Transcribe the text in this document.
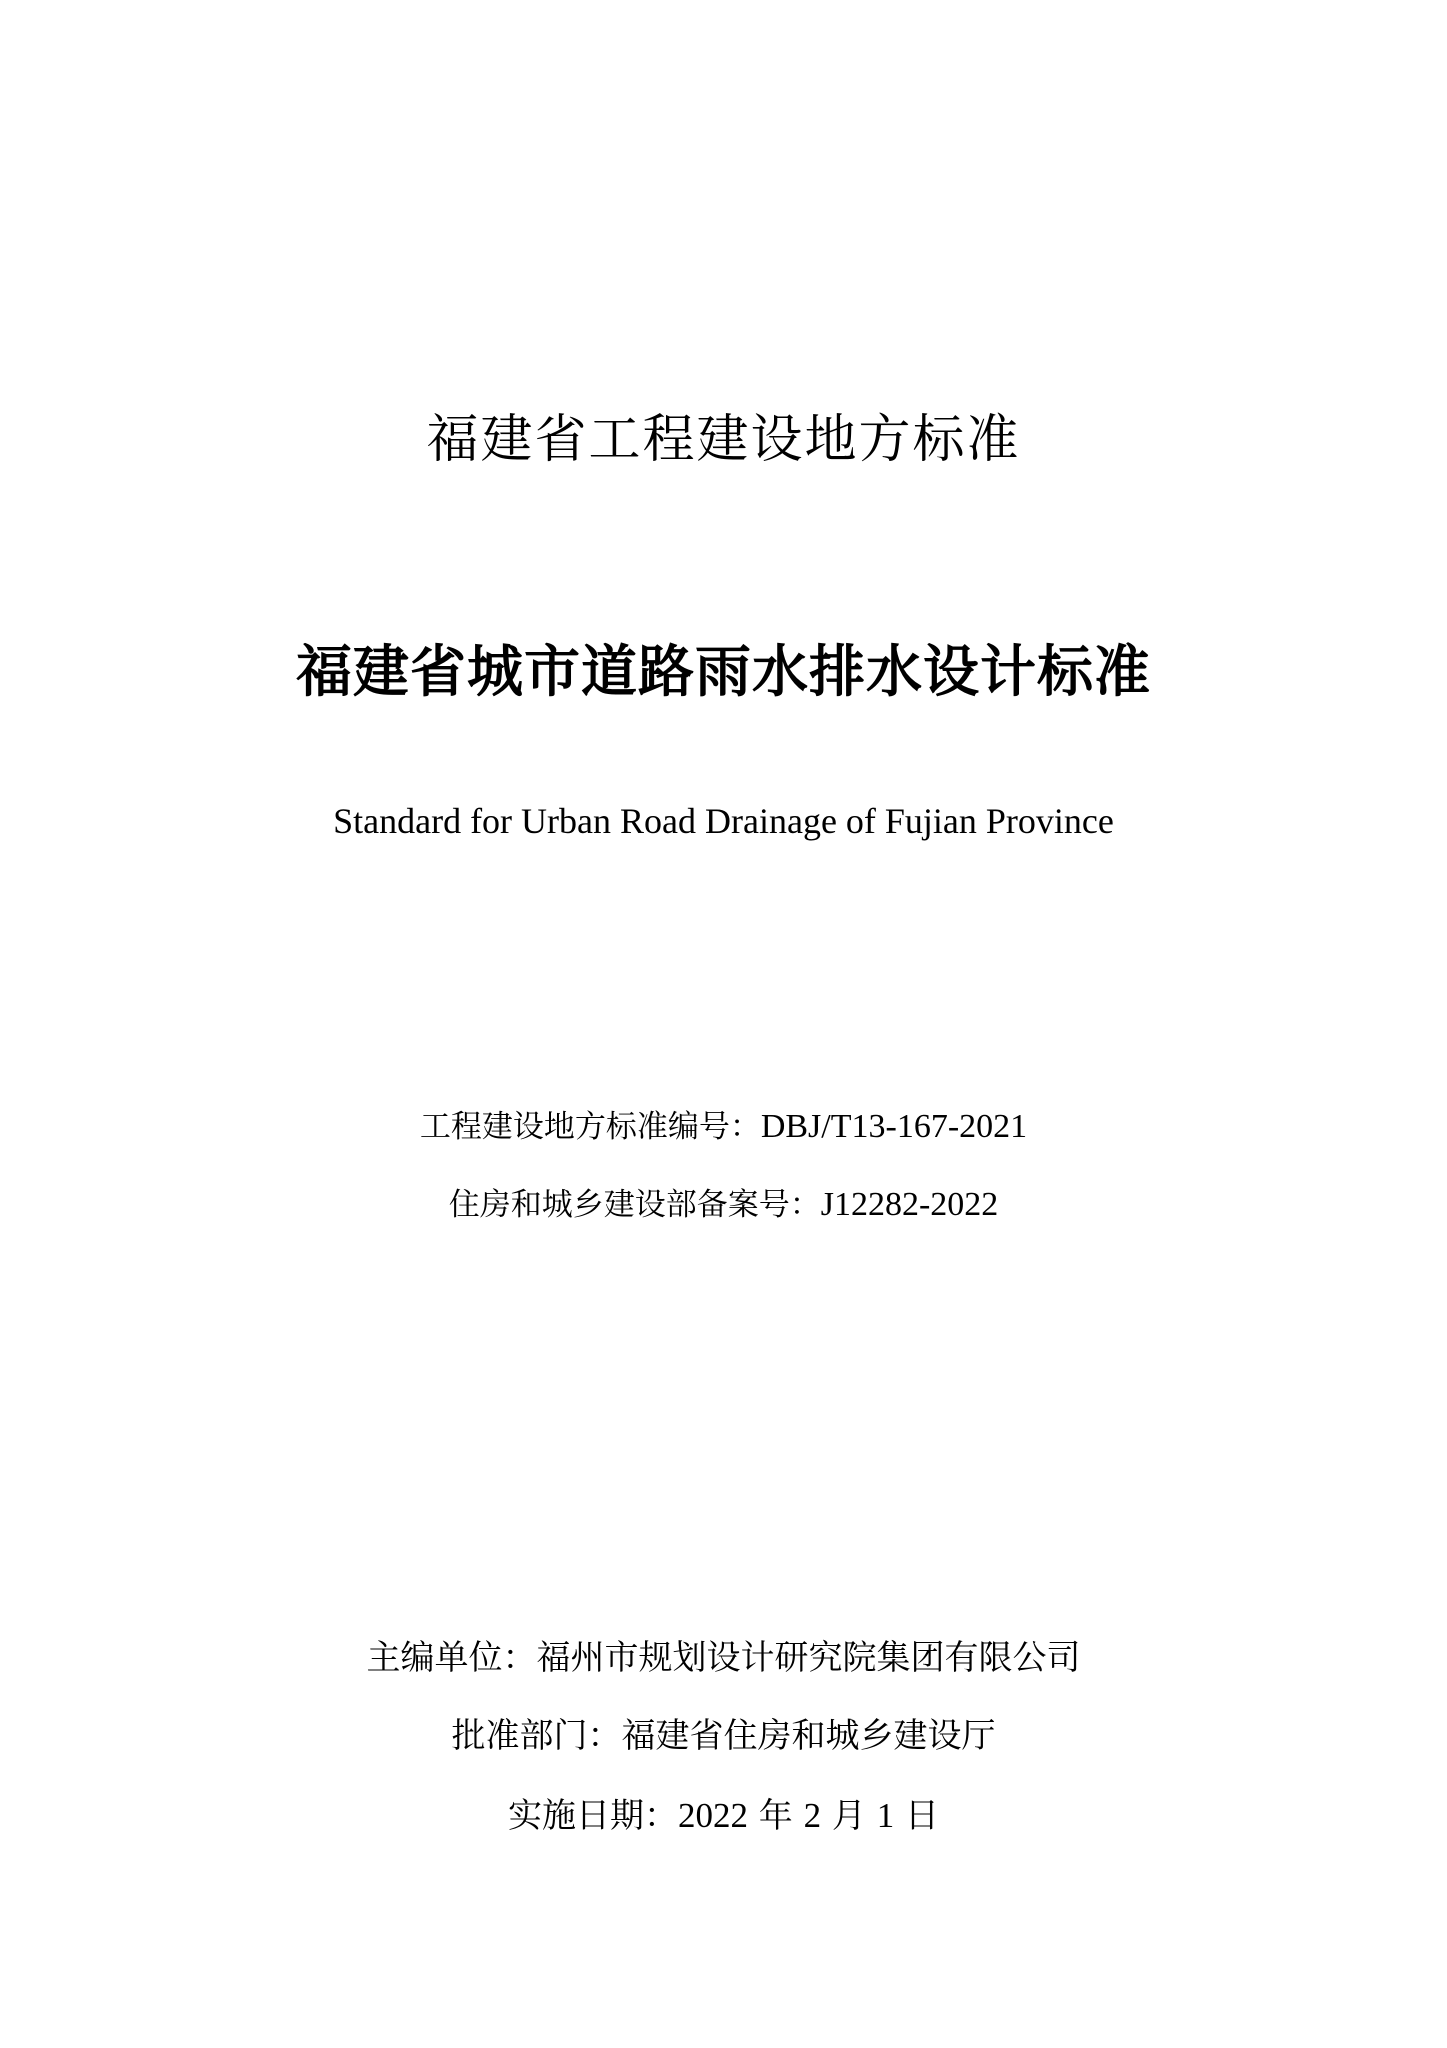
福建省工程建设地方标准
福建省城市道路雨水排水设计标准
Standard for Urban Road Drainage of Fujian Province
工程建设地方标准编号：DBJ/T13-167-2021
住房和城乡建设部备案号：J12282-2022
主编单位：福州市规划设计研究院集团有限公司
批准部门：福建省住房和城乡建设厅
实施日期：2022 年 2 月 1 日
